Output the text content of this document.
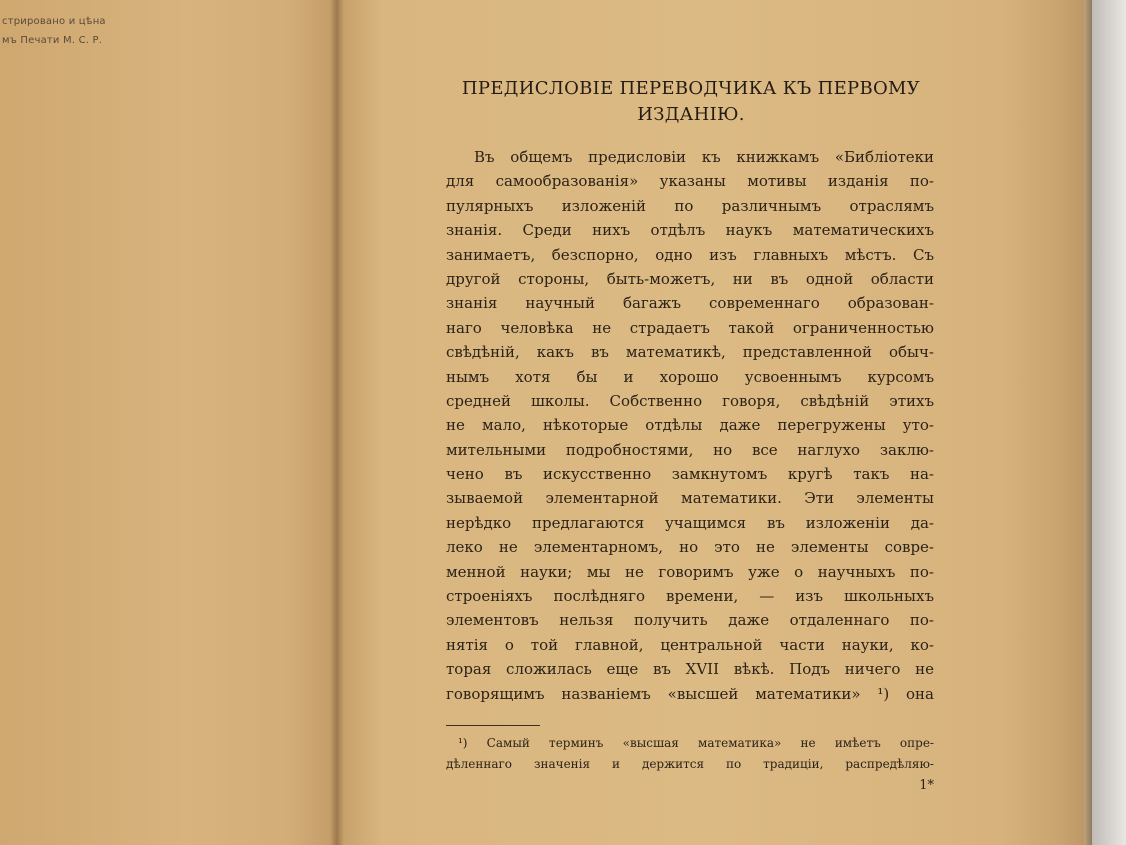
стрировано и цѣна
мъ Печати М. С. Р.
ПРЕДИСЛОВІЕ ПЕРЕВОДЧИКА КЪ ПЕРВОМУ
ИЗДАНІЮ.
Въ общемъ предисловіи къ книжкамъ «Библіотеки
для самообразованія» указаны мотивы изданія по-
пулярныхъ изложеній по различнымъ отраслямъ
знанія. Среди нихъ отдѣлъ наукъ математическихъ
занимаетъ, безспорно, одно изъ главныхъ мѣстъ. Съ
другой стороны, быть-можетъ, ни въ одной области
знанія научный багажъ современнаго образован-
наго человѣка не страдаетъ такой ограниченностью
свѣдѣній, какъ въ математикѣ, представленной обыч-
нымъ хотя бы и хорошо усвоеннымъ курсомъ
средней школы. Собственно говоря, свѣдѣній этихъ
не мало, нѣкоторые отдѣлы даже перегружены уто-
мительными подробностями, но все наглухо заклю-
чено въ искусственно замкнутомъ кругѣ такъ на-
зываемой элементарной математики. Эти элементы
нерѣдко предлагаются учащимся въ изложеніи да-
леко не элементарномъ, но это не элементы совре-
менной науки; мы не говоримъ уже о научныхъ по-
строеніяхъ послѣдняго времени, — изъ школьныхъ
элементовъ нельзя получить даже отдаленнаго по-
нятія о той главной, центральной части науки, ко-
торая сложилась еще въ XVII вѣкѣ. Подъ ничего не
говорящимъ названіемъ «высшей математики» ¹) она
¹) Самый терминъ «высшая математика» не имѣетъ опре-
дѣленнаго значенія и держится по традиціи, распредѣляю-
1*
